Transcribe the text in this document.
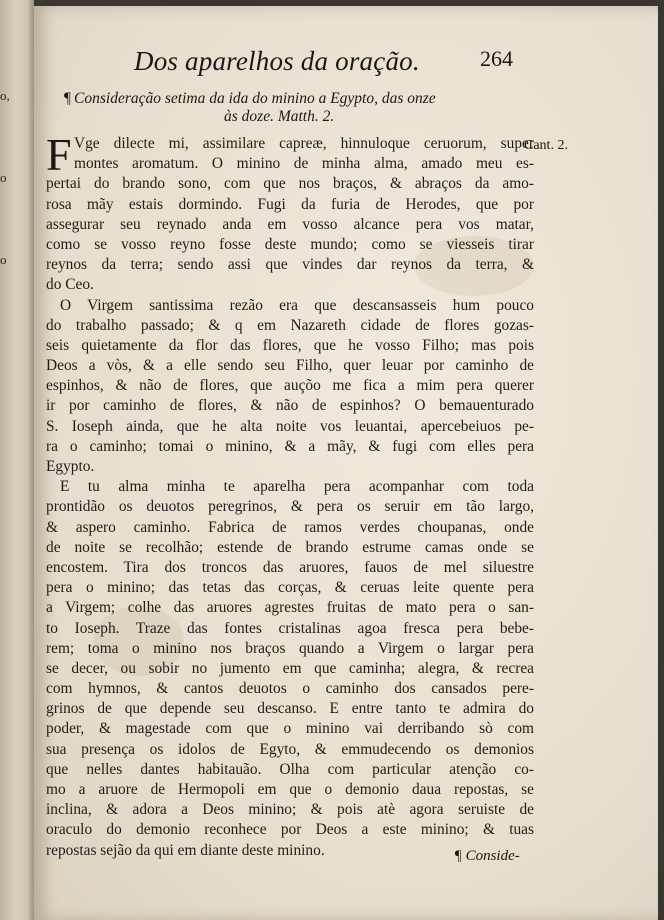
o,
o
o
Dos aparelhos da oração.	264
¶ Consideração setima da ida do minino a Egypto, das onze
às doze. Matth. 2.
Cant. 2.
F Vge dilecte mi, assimilare capreæ, hinnuloque ceruorum, super
montes aromatum. O minino de minha alma, amado meu es-
pertai do brando sono, com que nos braços, & abraços da amo-
rosa mãy estais dormindo. Fugi da furia de Herodes, que por
assegurar seu reynado anda em vosso alcance pera vos matar,
como se vosso reyno fosse deste mundo; como se viesseis tirar
reynos da terra; sendo assi que vindes dar reynos da terra, &
do Ceo.
O Virgem santissima rezão era que descansasseis hum pouco
do trabalho passado; & q em Nazareth cidade de flores gozas-
seis quietamente da flor das flores, que he vosso Filho; mas pois
Deos a vòs, & a elle sendo seu Filho, quer leuar por caminho de
espinhos, & não de flores, que auçõo me fica a mim pera querer
ir por caminho de flores, & não de espinhos? O bemauenturado
S. Ioseph ainda, que he alta noite vos leuantai, apercebeiuos pe-
ra o caminho; tomai o minino, & a mãy, & fugi com elles pera
Egypto.
E tu alma minha te aparelha pera acompanhar com toda
prontidão os deuotos peregrinos, & pera os seruir em tão largo,
& aspero caminho. Fabrica de ramos verdes choupanas, onde
de noite se recolhão; estende de brando estrume camas onde se
encostem. Tira dos troncos das aruores, fauos de mel siluestre
pera o minino; das tetas das corças, & ceruas leite quente pera
a Virgem; colhe das aruores agrestes fruitas de mato pera o san-
to Ioseph. Traze das fontes cristalinas agoa fresca pera bebe-
rem; toma o minino nos braços quando a Virgem o largar pera
se decer, ou sobir no jumento em que caminha; alegra, & recrea
com hymnos, & cantos deuotos o caminho dos cansados pere-
grinos de que depende seu descanso. E entre tanto te admira do
poder, & magestade com que o minino vai derribando sò com
sua presença os idolos de Egyto, & emmudecendo os demonios
que nelles dantes habitauão. Olha com particular atenção co-
mo a aruore de Hermopoli em que o demonio daua repostas, se
inclina, & adora a Deos minino; & pois atè agora seruiste de
oraculo do demonio reconhece por Deos a este minino; & tuas
repostas sejão da qui em diante deste minino.	¶ Conside-
